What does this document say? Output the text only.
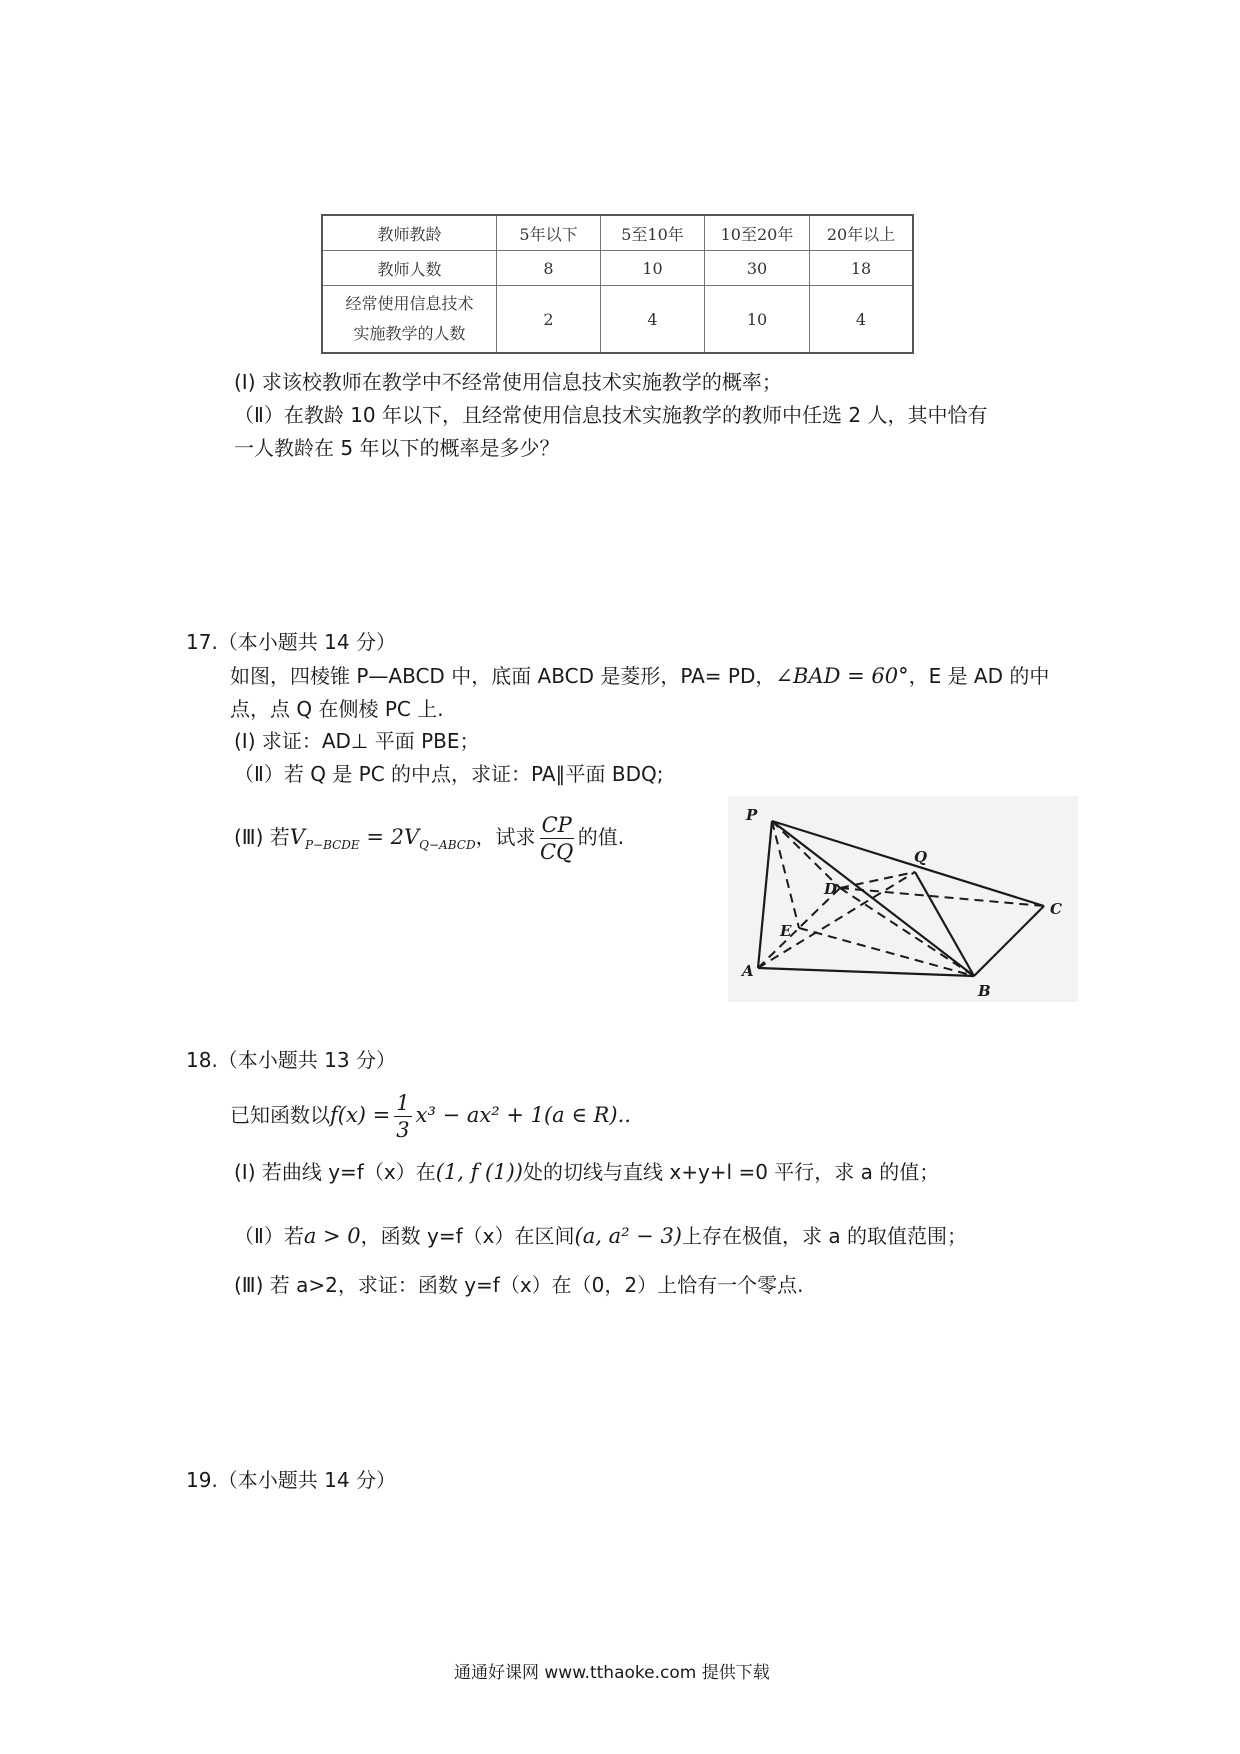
教师教龄	5年以下	5至10年	10至20年	20年以上
教师人数	8	10	30	18

经常使用信息技术
实施教学的人数	2	4	10	4
(Ⅰ) 求该校教师在教学中不经常使用信息技术实施教学的概率；
（Ⅱ）在教龄 10 年以下，且经常使用信息技术实施教学的教师中任选 2 人，其中恰有
一人教龄在 5 年以下的概率是多少？
17.（本小题共 14 分）
如图，四棱锥 P—ABCD 中，底面 ABCD 是菱形，PA= PD，∠BAD = 60°，E 是 AD 的中
点，点 Q 在侧棱 PC 上.
(Ⅰ) 求证：AD⊥ 平面 PBE；
（Ⅱ）若 Q 是 PC 的中点，求证：PA∥平面 BDQ;
(Ⅲ) 若$V_{P-BCDE} = 2V_{Q-ABCD}$，试求 $\frac{CP}{CQ}$ 的值.
P
Q
D
C
E
A
B
18.（本小题共 13 分）
已知函数以$f(x) = \frac{1}{3} x^3 - ax^2 + 1(a$ ∈ R)..
(Ⅰ) 若曲线 y=f（x）在(1, f (1))处的切线与直线 x+y+l =0 平行，求 a 的值；
（Ⅱ）若a > 0，函数 y=f（x）在区间(a, a² − 3)上存在极值，求 a 的取值范围；
(Ⅲ) 若 a>2，求证：函数 y=f（x）在（0，2）上恰有一个零点.
19.（本小题共 14 分）
通通好课网 www.tthaoke.com 提供下载
